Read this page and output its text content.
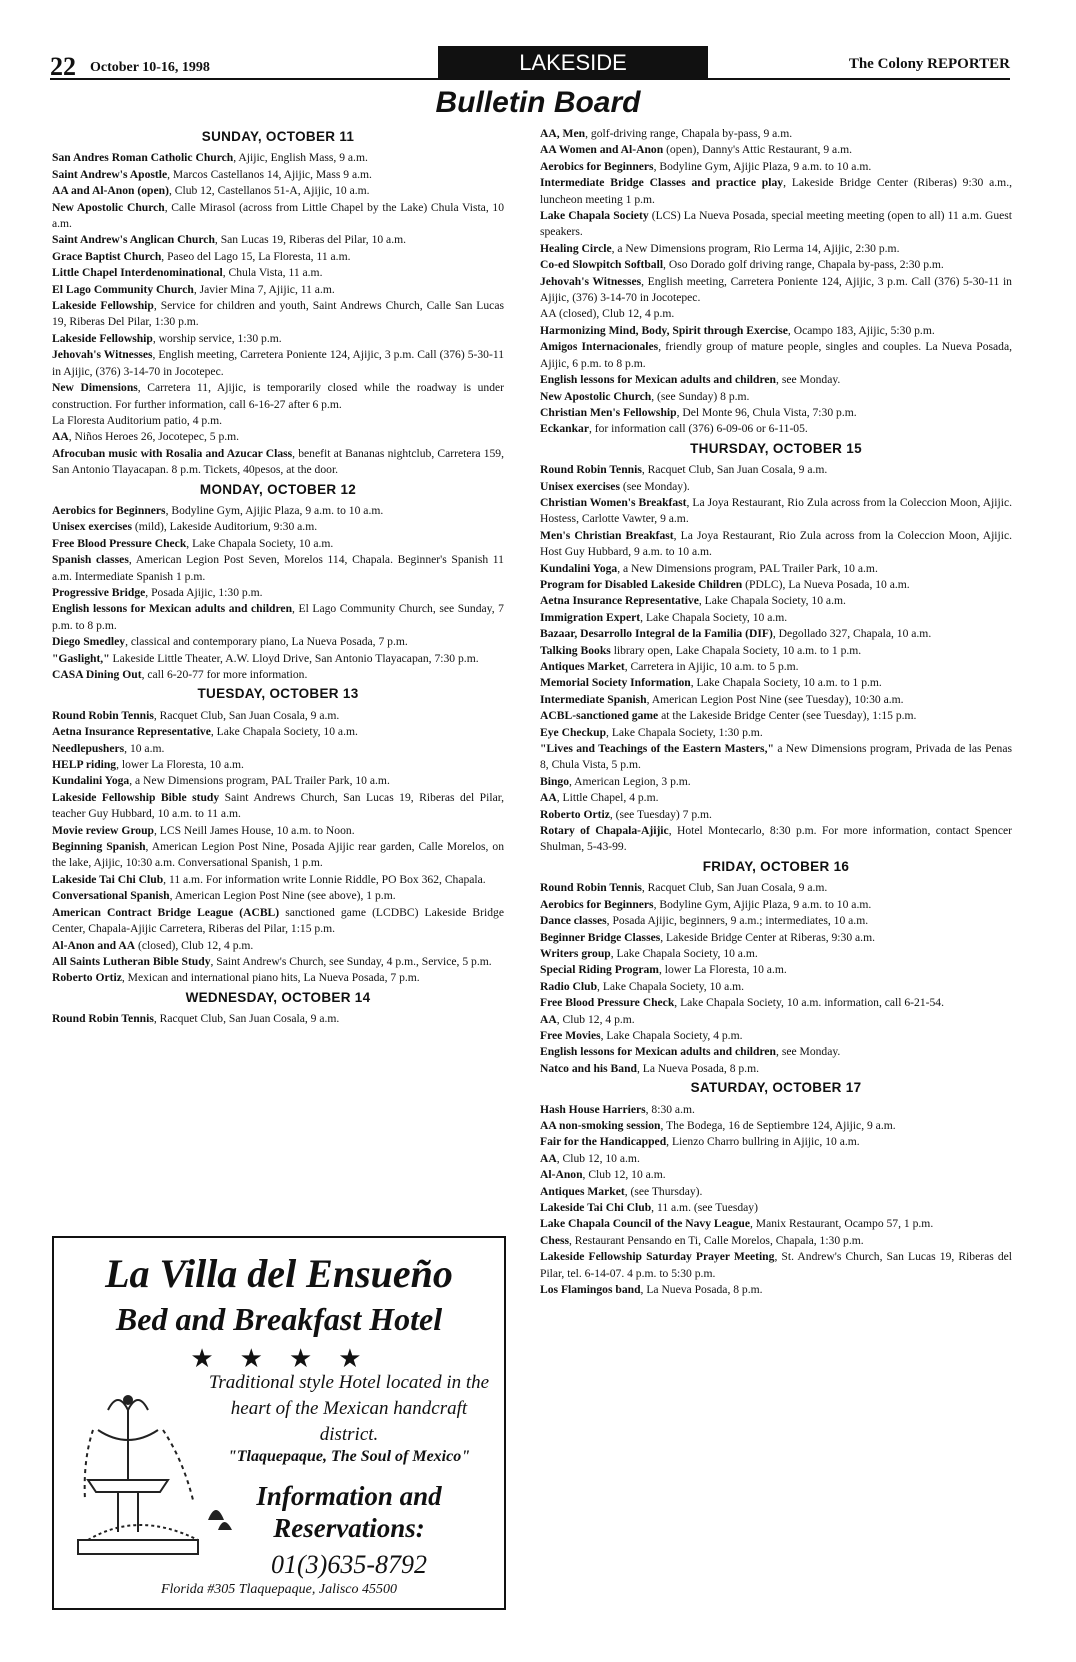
22 October 10-16, 1998	LAKESIDE	The Colony REPORTER
Bulletin Board
SUNDAY, OCTOBER 11

San Andres Roman Catholic Church, Ajijic, English Mass, 9 a.m.

Saint Andrew's Apostle, Marcos Castellanos 14, Ajijic, Mass 9 a.m.

AA and Al-Anon (open), Club 12, Castellanos 51-A, Ajijic, 10 a.m.

New Apostolic Church, Calle Mirasol (across from Little Chapel by the Lake) Chula Vista, 10 a.m.

Saint Andrew's Anglican Church, San Lucas 19, Riberas del Pilar, 10 a.m.

Grace Baptist Church, Paseo del Lago 15, La Floresta, 11 a.m.

Little Chapel Interdenominational, Chula Vista, 11 a.m.

El Lago Community Church, Javier Mina 7, Ajijic, 11 a.m.

Lakeside Fellowship, Service for children and youth, Saint Andrews Church, Calle San Lucas 19, Riberas Del Pilar, 1:30 p.m.

Lakeside Fellowship, worship service, 1:30 p.m.

Jehovah's Witnesses, English meeting, Carretera Poniente 124, Ajijic, 3 p.m. Call (376) 5-30-11 in Ajijic, (376) 3-14-70 in Jocotepec.

New Dimensions, Carretera 11, Ajijic, is temporarily closed while the roadway is under construction. For further information, call 6-16-27 after 6 p.m.

La Floresta Auditorium patio, 4 p.m.

AA, Niños Heroes 26, Jocotepec, 5 p.m.

Afrocuban music with Rosalia and Azucar Class, benefit at Bananas nightclub, Carretera 159, San Antonio Tlayacapan. 8 p.m. Tickets, 40pesos, at the door.

MONDAY, OCTOBER 12

Aerobics for Beginners, Bodyline Gym, Ajijic Plaza, 9 a.m. to 10 a.m.

Unisex exercises (mild), Lakeside Auditorium, 9:30 a.m.

Free Blood Pressure Check, Lake Chapala Society, 10 a.m.

Spanish classes, American Legion Post Seven, Morelos 114, Chapala. Beginner's Spanish 11 a.m. Intermediate Spanish 1 p.m.

Progressive Bridge, Posada Ajijic, 1:30 p.m.

English lessons for Mexican adults and children, El Lago Community Church, see Sunday, 7 p.m. to 8 p.m.

Diego Smedley, classical and contemporary piano, La Nueva Posada, 7 p.m.

"Gaslight," Lakeside Little Theater, A.W. Lloyd Drive, San Antonio Tlayacapan, 7:30 p.m.

CASA Dining Out, call 6-20-77 for more information.

TUESDAY, OCTOBER 13

Round Robin Tennis, Racquet Club, San Juan Cosala, 9 a.m.

Aetna Insurance Representative, Lake Chapala Society, 10 a.m.

Needlepushers, 10 a.m.

HELP riding, lower La Floresta, 10 a.m.

Kundalini Yoga, a New Dimensions program, PAL Trailer Park, 10 a.m.

Lakeside Fellowship Bible study Saint Andrews Church, San Lucas 19, Riberas del Pilar, teacher Guy Hubbard, 10 a.m. to 11 a.m.

Movie review Group, LCS Neill James House, 10 a.m. to Noon.

Beginning Spanish, American Legion Post Nine, Posada Ajijic rear garden, Calle Morelos, on the lake, Ajijic, 10:30 a.m. Conversational Spanish, 1 p.m.

Lakeside Tai Chi Club, 11 a.m. For information write Lonnie Riddle, PO Box 362, Chapala.

Conversational Spanish, American Legion Post Nine (see above), 1 p.m.

American Contract Bridge League (ACBL) sanctioned game (LCDBC) Lakeside Bridge Center, Chapala-Ajijic Carretera, Riberas del Pilar, 1:15 p.m.

Al-Anon and AA (closed), Club 12, 4 p.m.

All Saints Lutheran Bible Study, Saint Andrew's Church, see Sunday, 4 p.m., Service, 5 p.m.

Roberto Ortiz, Mexican and international piano hits, La Nueva Posada, 7 p.m.

WEDNESDAY, OCTOBER 14

Round Robin Tennis, Racquet Club, San Juan Cosala, 9 a.m.

AA, Men, golf-driving range, Chapala by-pass, 9 a.m.

AA Women and Al-Anon (open), Danny's Attic Restaurant, 9 a.m.

Aerobics for Beginners, Bodyline Gym, Ajijic Plaza, 9 a.m. to 10 a.m.

Intermediate Bridge Classes and practice play, Lakeside Bridge Center (Riberas) 9:30 a.m., luncheon meeting 1 p.m.

Lake Chapala Society (LCS) La Nueva Posada, special meeting meeting (open to all) 11 a.m. Guest speakers.

Healing Circle, a New Dimensions program, Rio Lerma 14, Ajijic, 2:30 p.m.

Co-ed Slowpitch Softball, Oso Dorado golf driving range, Chapala by-pass, 2:30 p.m.

Jehovah's Witnesses, English meeting, Carretera Poniente 124, Ajijic, 3 p.m. Call (376) 5-30-11 in Ajijic, (376) 3-14-70 in Jocotepec.

AA (closed), Club 12, 4 p.m.

Harmonizing Mind, Body, Spirit through Exercise, Ocampo 183, Ajijic, 5:30 p.m.

Amigos Internacionales, friendly group of mature people, singles and couples. La Nueva Posada, Ajijic, 6 p.m. to 8 p.m.

English lessons for Mexican adults and children, see Monday.

New Apostolic Church, (see Sunday) 8 p.m.

Christian Men's Fellowship, Del Monte 96, Chula Vista, 7:30 p.m.

Eckankar, for information call (376) 6-09-06 or 6-11-05.

THURSDAY, OCTOBER 15

Round Robin Tennis, Racquet Club, San Juan Cosala, 9 a.m.

Unisex exercises (see Monday).

Christian Women's Breakfast, La Joya Restaurant, Rio Zula across from la Coleccion Moon, Ajijic. Hostess, Carlotte Vawter, 9 a.m.

Men's Christian Breakfast, La Joya Restaurant, Rio Zula across from la Coleccion Moon, Ajijic. Host Guy Hubbard, 9 a.m. to 10 a.m.

Kundalini Yoga, a New Dimensions program, PAL Trailer Park, 10 a.m.

Program for Disabled Lakeside Children (PDLC), La Nueva Posada, 10 a.m.

Aetna Insurance Representative, Lake Chapala Society, 10 a.m.

Immigration Expert, Lake Chapala Society, 10 a.m.

Bazaar, Desarrollo Integral de la Familia (DIF), Degollado 327, Chapala, 10 a.m.

Talking Books library open, Lake Chapala Society, 10 a.m. to 1 p.m.

Antiques Market, Carretera in Ajijic, 10 a.m. to 5 p.m.

Memorial Society Information, Lake Chapala Society, 10 a.m. to 1 p.m.

Intermediate Spanish, American Legion Post Nine (see Tuesday), 10:30 a.m.

ACBL-sanctioned game at the Lakeside Bridge Center (see Tuesday), 1:15 p.m.

Eye Checkup, Lake Chapala Society, 1:30 p.m.

"Lives and Teachings of the Eastern Masters," a New Dimensions program, Privada de las Penas 8, Chula Vista, 5 p.m.

Bingo, American Legion, 3 p.m.

AA, Little Chapel, 4 p.m.

Roberto Ortiz, (see Tuesday) 7 p.m.

Rotary of Chapala-Ajijic, Hotel Montecarlo, 8:30 p.m. For more information, contact Spencer Shulman, 5-43-99.

FRIDAY, OCTOBER 16

Round Robin Tennis, Racquet Club, San Juan Cosala, 9 a.m.

Aerobics for Beginners, Bodyline Gym, Ajijic Plaza, 9 a.m. to 10 a.m.

Dance classes, Posada Ajijic, beginners, 9 a.m.; intermediates, 10 a.m.

Beginner Bridge Classes, Lakeside Bridge Center at Riberas, 9:30 a.m.

Writers group, Lake Chapala Society, 10 a.m.

Special Riding Program, lower La Floresta, 10 a.m.

Radio Club, Lake Chapala Society, 10 a.m.

Free Blood Pressure Check, Lake Chapala Society, 10 a.m. information, call 6-21-54.

AA, Club 12, 4 p.m.

Free Movies, Lake Chapala Society, 4 p.m.

English lessons for Mexican adults and children, see Monday.

Natco and his Band, La Nueva Posada, 8 p.m.

SATURDAY, OCTOBER 17

Hash House Harriers, 8:30 a.m.

AA non-smoking session, The Bodega, 16 de Septiembre 124, Ajijic, 9 a.m.

Fair for the Handicapped, Lienzo Charro bullring in Ajijic, 10 a.m.

AA, Club 12, 10 a.m.

Al-Anon, Club 12, 10 a.m.

Antiques Market, (see Thursday).

Lakeside Tai Chi Club, 11 a.m. (see Tuesday)

Lake Chapala Council of the Navy League, Manix Restaurant, Ocampo 57, 1 p.m.

Chess, Restaurant Pensando en Ti, Calle Morelos, Chapala, 1:30 p.m.

Lakeside Fellowship Saturday Prayer Meeting, St. Andrew's Church, San Lucas 19, Riberas del Pilar, tel. 6-14-07. 4 p.m. to 5:30 p.m.

Los Flamingos band, La Nueva Posada, 8 p.m.

La Villa del Ensueño
Bed and Breakfast Hotel
★★★★
Traditional style Hotel located in the heart of the Mexican handcraft district.
"Tlaquepaque, The Soul of Mexico"
Information and Reservations:
01(3)635-8792
Florida #305 Tlaquepaque, Jalisco 45500
